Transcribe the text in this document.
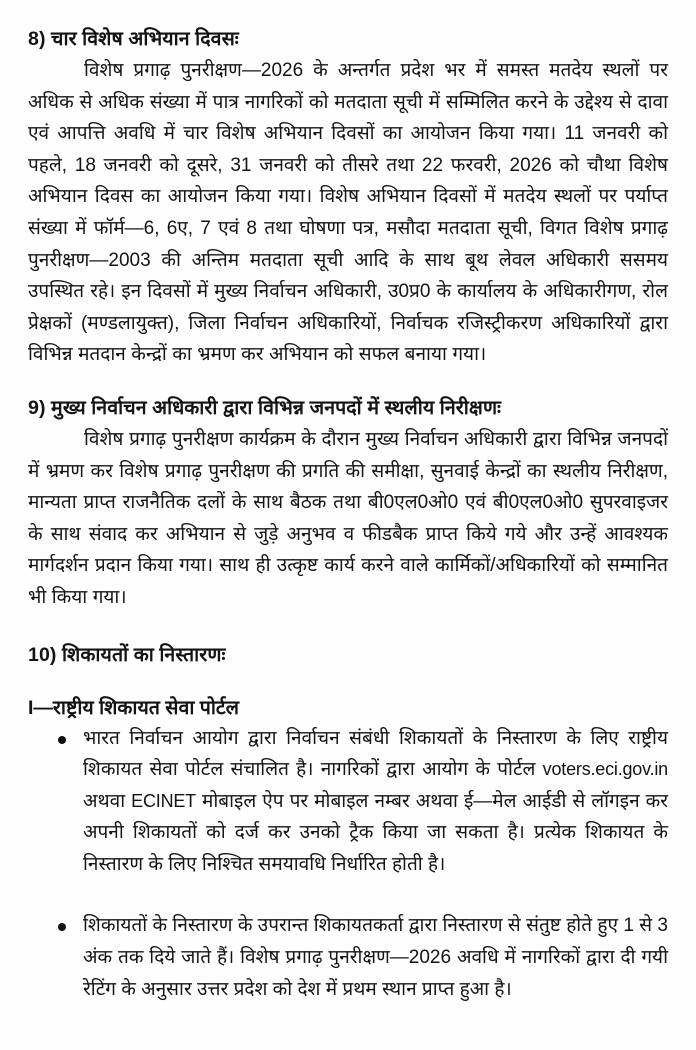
8) चार विशेष अभियान दिवसः

विशेष प्रगाढ़ पुनरीक्षण—2026 के अन्तर्गत प्रदेश भर में समस्त मतदेय स्थलों पर अधिक से अधिक संख्या में पात्र नागरिकों को मतदाता सूची में सम्मिलित करने के उद्देश्य से दावा एवं आपत्ति अवधि में चार विशेष अभियान दिवसों का आयोजन किया गया। 11 जनवरी को पहले, 18 जनवरी को दूसरे, 31 जनवरी को तीसरे तथा 22 फरवरी, 2026 को चौथा विशेष अभियान दिवस का आयोजन किया गया। विशेष अभियान दिवसों में मतदेय स्थलों पर पर्याप्त संख्या में फॉर्म—6, 6ए, 7 एवं 8 तथा घोषणा पत्र, मसौदा मतदाता सूची, विगत विशेष प्रगाढ़ पुनरीक्षण—2003 की अन्तिम मतदाता सूची आदि के साथ बूथ लेवल अधिकारी ससमय उपस्थित रहे। इन दिवसों में मुख्य निर्वाचन अधिकारी, उ0प्र0 के कार्यालय के अधिकारीगण, रोल प्रेक्षकों (मण्डलायुक्त), जिला निर्वाचन अधिकारियों, निर्वाचक रजिस्ट्रीकरण अधिकारियों द्वारा विभिन्न मतदान केन्द्रों का भ्रमण कर अभियान को सफल बनाया गया।

9) मुख्य निर्वाचन अधिकारी द्वारा विभिन्न जनपदों में स्थलीय निरीक्षणः

विशेष प्रगाढ़ पुनरीक्षण कार्यक्रम के दौरान मुख्य निर्वाचन अधिकारी द्वारा विभिन्न जनपदों में भ्रमण कर विशेष प्रगाढ़ पुनरीक्षण की प्रगति की समीक्षा, सुनवाई केन्द्रों का स्थलीय निरीक्षण, मान्यता प्राप्त राजनैतिक दलों के साथ बैठक तथा बी0एल0ओ0 एवं बी0एल0ओ0 सुपरवाइजर के साथ संवाद कर अभियान से जुड़े अनुभव व फीडबैक प्राप्त किये गये और उन्हें आवश्यक मार्गदर्शन प्रदान किया गया। साथ ही उत्कृष्ट कार्य करने वाले कार्मिकों/अधिकारियों को सम्मानित भी किया गया।

10) शिकायतों का निस्तारणः
I—राष्ट्रीय शिकायत सेवा पोर्टल
भारत निर्वाचन आयोग द्वारा निर्वाचन संबंधी शिकायतों के निस्तारण के लिए राष्ट्रीय शिकायत सेवा पोर्टल संचालित है। नागरिकों द्वारा आयोग के पोर्टल voters.eci.gov.in अथवा ECINET मोबाइल ऐप पर मोबाइल नम्बर अथवा ई—मेल आईडी से लॉगइन कर अपनी शिकायतों को दर्ज कर उनको ट्रैक किया जा सकता है। प्रत्येक शिकायत के निस्तारण के लिए निश्चित समयावधि निर्धारित होती है।
शिकायतों के निस्तारण के उपरान्त शिकायतकर्ता द्वारा निस्तारण से संतुष्ट होते हुए 1 से 3 अंक तक दिये जाते हैं। विशेष प्रगाढ़ पुनरीक्षण—2026 अवधि में नागरिकों द्वारा दी गयी रेटिंग के अनुसार उत्तर प्रदेश को देश में प्रथम स्थान प्राप्त हुआ है।
